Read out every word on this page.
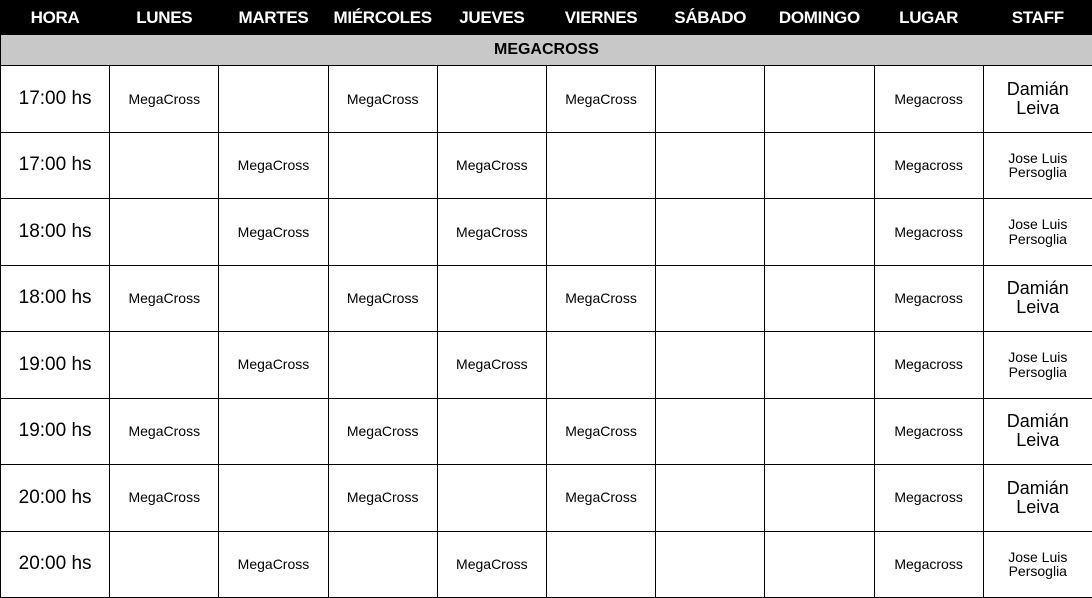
HORA	LUNES	MARTES	MIÉRCOLES	JUEVES	VIERNES	SÁBADO	DOMINGO	LUGAR	STAFF
MEGACROSS									
17:00 hs	MegaCross		MegaCross		MegaCross			Megacross	Damián Leiva
17:00 hs		MegaCross		MegaCross				Megacross	Jose Luis Persoglia
18:00 hs		MegaCross		MegaCross				Megacross	Jose Luis Persoglia
18:00 hs	MegaCross		MegaCross		MegaCross			Megacross	Damián Leiva
19:00 hs		MegaCross		MegaCross				Megacross	Jose Luis Persoglia
19:00 hs	MegaCross		MegaCross		MegaCross			Megacross	Damián Leiva
20:00 hs	MegaCross		MegaCross		MegaCross			Megacross	Damián Leiva
20:00 hs		MegaCross		MegaCross				Megacross	Jose Luis Persoglia
